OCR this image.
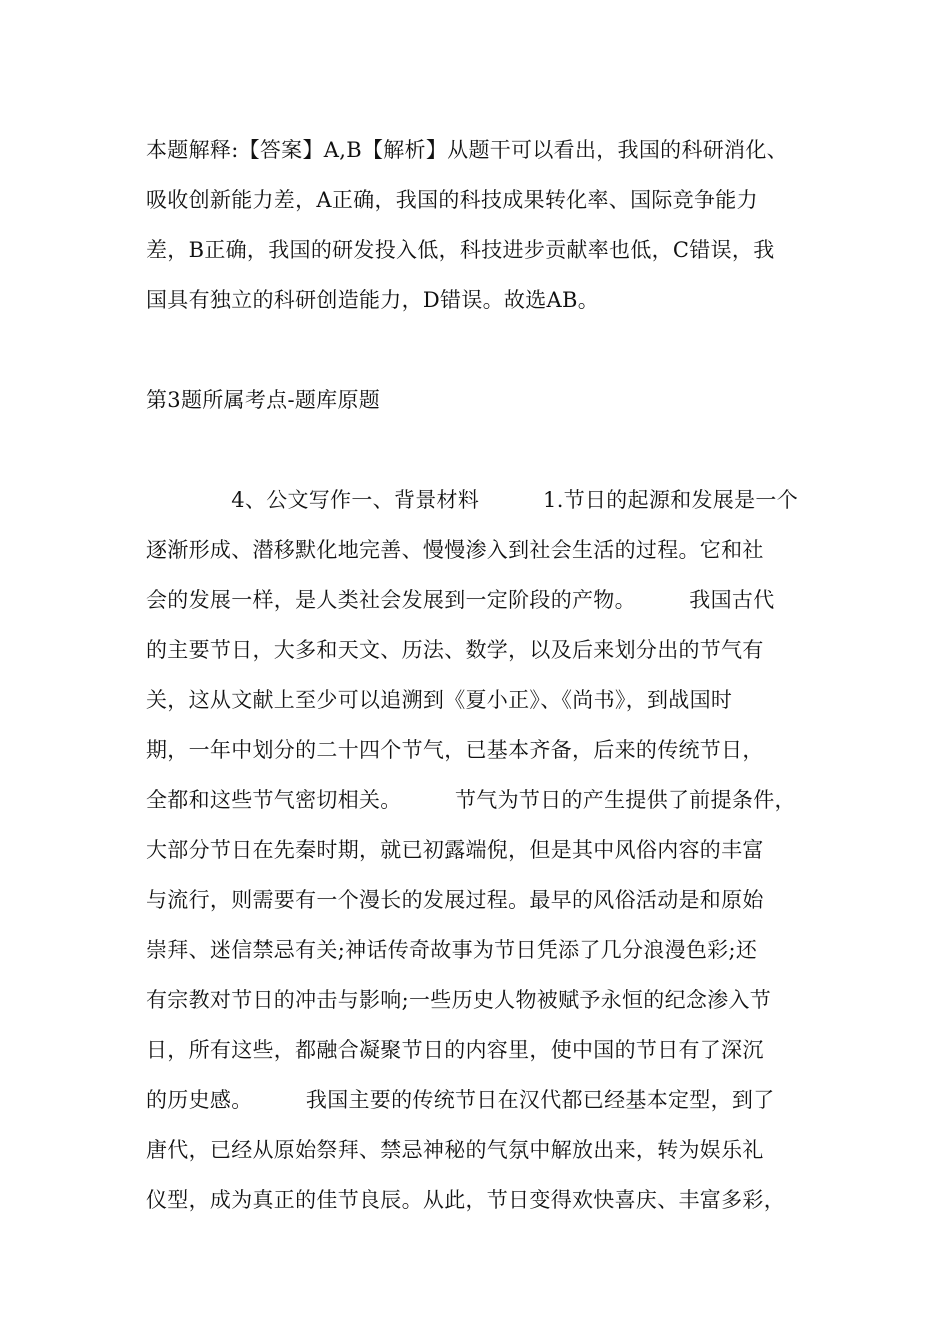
本题解释:【答案】A,B【解析】从题干可以看出，我国的科研消化、
吸收创新能力差，A正确，我国的科技成果转化率、国际竞争能力
差，B正确，我国的研发投入低，科技进步贡献率也低，C错误，我
国具有独立的科研创造能力，D错误。故选AB。
第3题所属考点-题库原题
　　　　4、公文写作一、背景材料　　　1.节日的起源和发展是一个
逐渐形成、潜移默化地完善、慢慢渗入到社会生活的过程。它和社
会的发展一样，是人类社会发展到一定阶段的产物。　　　我国古代
的主要节日，大多和天文、历法、数学，以及后来划分出的节气有
关，这从文献上至少可以追溯到《夏小正》、《尚书》，到战国时
期，一年中划分的二十四个节气，已基本齐备，后来的传统节日，
全都和这些节气密切相关。　　　节气为节日的产生提供了前提条件，
大部分节日在先秦时期，就已初露端倪，但是其中风俗内容的丰富
与流行，则需要有一个漫长的发展过程。最早的风俗活动是和原始
崇拜、迷信禁忌有关;神话传奇故事为节日凭添了几分浪漫色彩;还
有宗教对节日的冲击与影响;一些历史人物被赋予永恒的纪念渗入节
日，所有这些，都融合凝聚节日的内容里，使中国的节日有了深沉
的历史感。　　　我国主要的传统节日在汉代都已经基本定型，到了
唐代，已经从原始祭拜、禁忌神秘的气氛中解放出来，转为娱乐礼
仪型，成为真正的佳节良辰。从此，节日变得欢快喜庆、丰富多彩，
